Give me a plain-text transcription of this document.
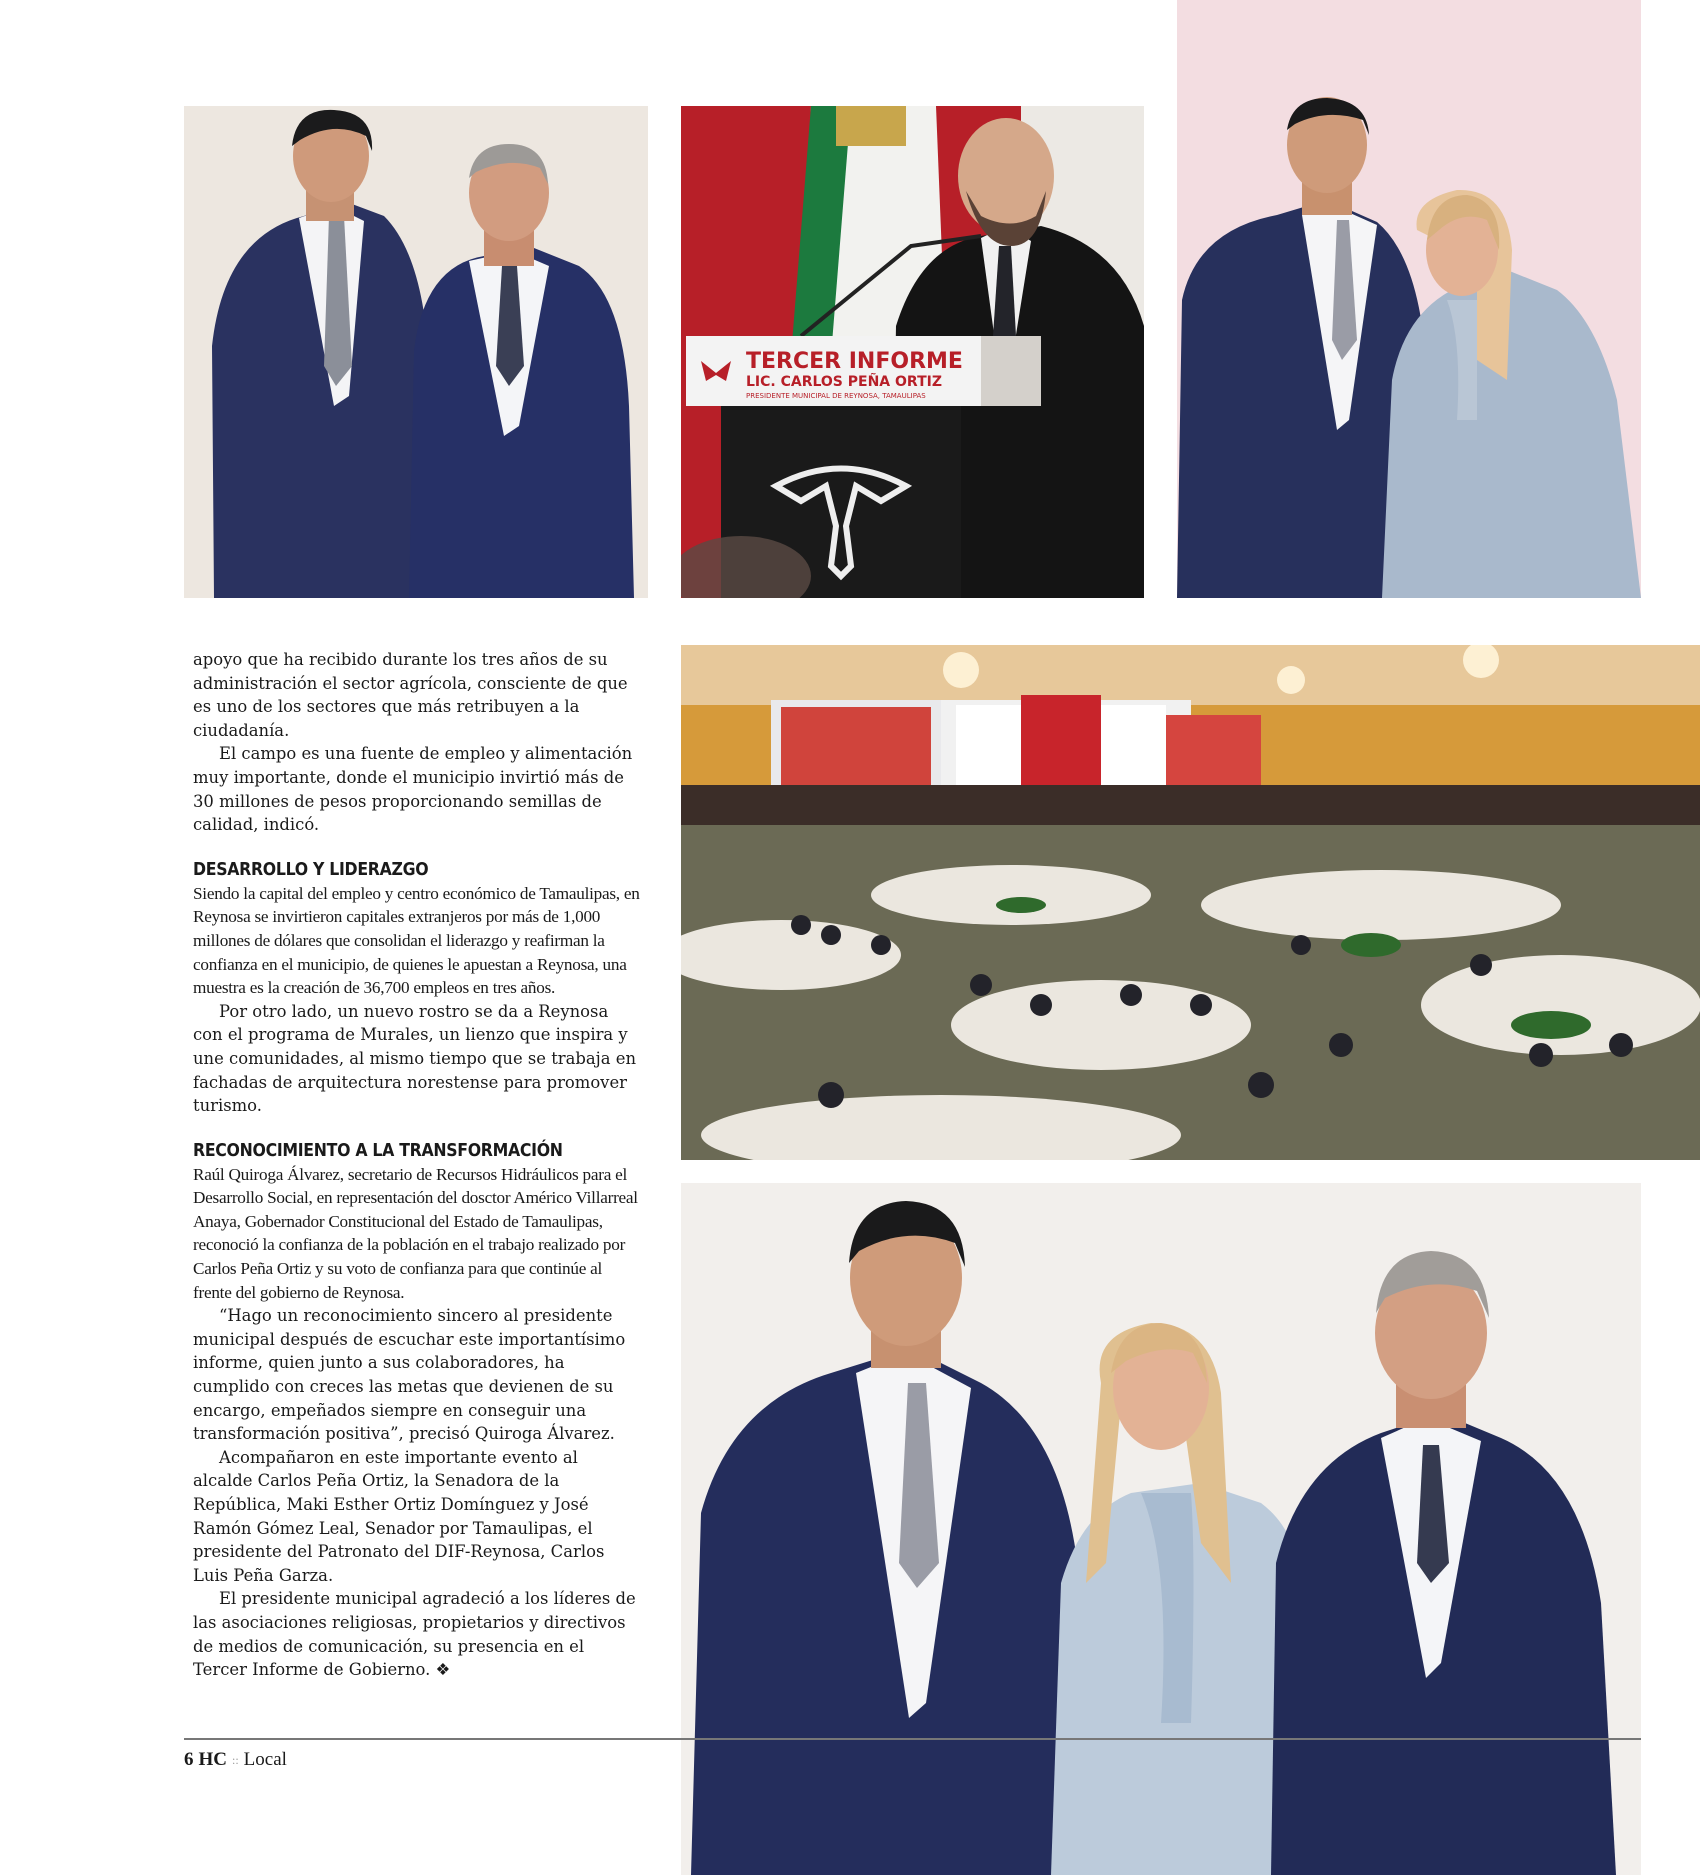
TERCER INFORME
LIC. CARLOS PEÑA ORTIZ
PRESIDENTE MUNICIPAL DE REYNOSA, TAMAULIPAS

apoyo que ha recibido durante los tres años de su administración el sector agrícola, consciente de que es uno de los sectores que más retribuyen a la ciudadanía.

El campo es una fuente de empleo y alimentación muy importante, donde el municipio invirtió más de 30 millones de pesos proporcionando semillas de calidad, indicó.

DESARROLLO Y LIDERAZGO

Siendo la capital del empleo y centro económico de Tamaulipas, en Reynosa se invirtieron capitales extranjeros por más de 1,000 millones de dólares que consolidan el liderazgo y reafirman la confianza en el municipio, de quienes le apuestan a Reynosa, una muestra es la creación de 36,700 empleos en tres años.

Por otro lado, un nuevo rostro se da a Reynosa con el programa de Murales, un lienzo que inspira y une comunidades, al mismo tiempo que se trabaja en fachadas de arquitectura norestense para promover turismo.

RECONOCIMIENTO A LA TRANSFORMACIÓN

Raúl Quiroga Álvarez, secretario de Recursos Hidráulicos para el Desarrollo Social, en representación del dosctor Américo Villarreal Anaya, Gobernador Constitucional del Estado de Tamaulipas, reconoció la confianza de la población en el trabajo realizado por Carlos Peña Ortiz y su voto de confianza para que continúe al frente del gobierno de Reynosa.

“Hago un reconocimiento sincero al presidente municipal después de escuchar este importantísimo informe, quien junto a sus colaboradores, ha cumplido con creces las metas que devienen de su encargo, empeñados siempre en conseguir una transformación positiva”, precisó Quiroga Álvarez.

Acompañaron en este importante evento al alcalde Carlos Peña Ortiz, la Senadora de la República, Maki Esther Ortiz Domínguez y José Ramón Gómez Leal, Senador por Tamaulipas, el presidente del Patronato del DIF-Reynosa, Carlos Luis Peña Garza.

El presidente municipal agradeció a los líderes de las asociaciones religiosas, propietarios y directivos de medios de comunicación, su presencia en el Tercer Informe de Gobierno. ❖

6 HC :: Local
